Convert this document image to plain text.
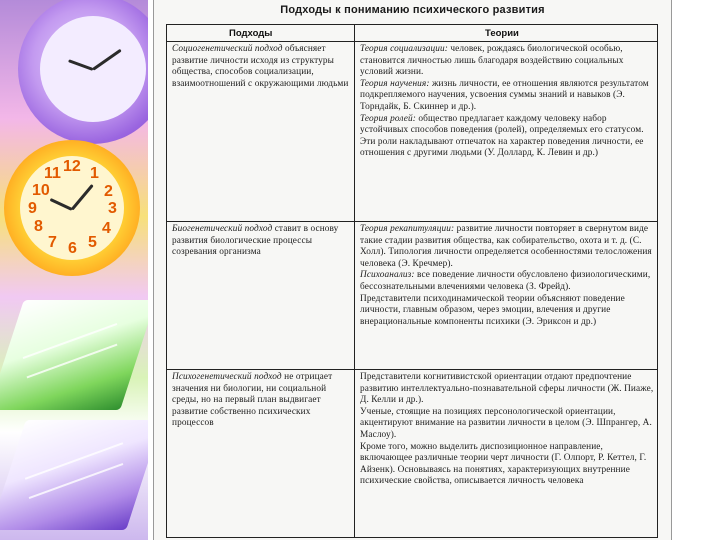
12 1
2
3
4
5
6
7
8
9
10
11
Подходы к пониманию психического развития
Подходы	Теории
Социогенетический подход объясняет развитие личности исходя из структуры общества, способов социализации, взаимоотношений с окружающими людьми

Теория социализации: человек, рождаясь биологической особью, становится личностью лишь благодаря воздействию социальных условий жизни.

Теория научения: жизнь личности, ее отношения являются результатом подкрепляемого научения, усвоения суммы знаний и навыков (Э. Торндайк, Б. Скиннер и др.).

Теория ролей: общество предлагает каждому человеку набор устойчивых способов поведения (ролей), определяемых его статусом. Эти роли накладывают отпечаток на характер поведения личности, ее отношения с другими людьми (У. Доллард, К. Левин и др.)

Биогенетический подход ставит в основу развития биологические процессы созревания организма

Теория рекапитуляции: развитие личности повторяет в свернутом виде такие стадии развития общества, как собирательство, охота и т. д. (С. Холл). Типология личности определяется особенностями телосложения человека (Э. Кречмер).

Психоанализ: все поведение личности обусловлено физиологическими, бессознательными влечениями человека (З. Фрейд).

Представители психодинамической теории объясняют поведение личности, главным образом, через эмоции, влечения и другие внерациональные компоненты психики (Э. Эриксон и др.)

Психогенетический подход не отрицает значения ни биологии, ни социальной среды, но на первый план выдвигает развитие собственно психических процессов

Представители когнитивистской ориентации отдают предпочтение развитию интеллектуально-познавательной сферы личности (Ж. Пиаже, Д. Келли и др.).

Ученые, стоящие на позициях персонологической ориентации, акцентируют внимание на развитии личности в целом (Э. Шпрангер, А. Маслоу).

Кроме того, можно выделить диспозиционное направление, включающее различные теории черт личности (Г. Олпорт, Р. Кеттел, Г. Айзенк). Основываясь на понятиях, характеризующих внутренние психические свойства, описывается личность человека
